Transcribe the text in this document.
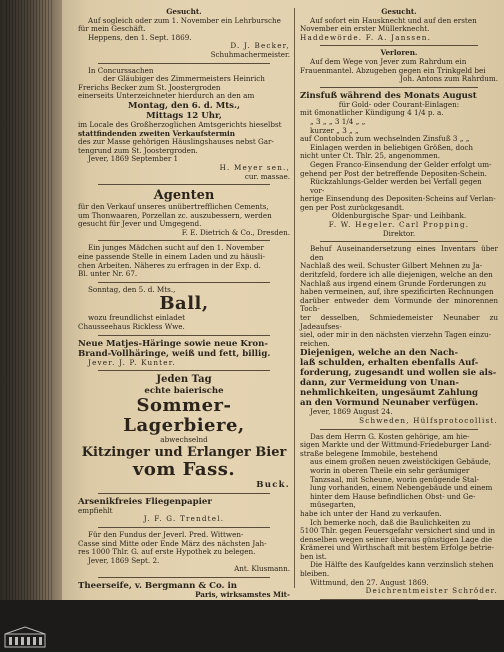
Gesucht.
Auf sogleich oder zum 1. November ein Lehrbursche
für mein Geschäft.
Heppens, den 1. Sept. 1869.
D. J. Becker,
Schuhmachermeister.
In Concurssachen
der Gläubiger des Zimmermeisters Heinrich
Frerichs Becker zum St. Joostergroden
einerseits Unterzeichneter hierdurch an den am
Montag, den 6. d. Mts.,
Mittags 12 Uhr,
im Locale des Großherzoglichen Amtsgerichts hieselbst
stattfindenden zweiten Verkaufstermin
des zur Masse gehörigen Häuslingshauses nebst Gar-
tengrund zum St. Joostergroden.
Jever, 1869 September 1
H. Meyer sen.,
cur. massae.
Agenten
für den Verkauf unseres unübertrefflichen Cements,
um Thonwaaren, Porzellan zc. auszubessern, werden
gesucht für Jever und Umgegend.
F. E. Dietrich & Co., Dresden.
Ein junges Mädchen sucht auf den 1. November
eine passende Stelle in einem Laden und zu häusli-
chen Arbeiten. Näheres zu erfragen in der Exp. d.
Bl. unter Nr. 67.
Sonntag, den 5. d. Mts.,
Ball,
wozu freundlichst einladet
Chausseehaus Rickless Wwe.
Neue Matjes-Häringe sowie neue Kron-
Brand-Vollhäringe, weiß und fett, billig.
Jever. J. P. Kunter.
Jeden Tag
echte baierische
Sommer-Lagerbiere,
abwechselnd
Kitzinger und Erlanger Bier
vom Fass.
Buck.
Arsenikfreies Fliegenpapier
empfiehlt
J. F. G. Trendtel.
Für den Fundus der Jeverl. Pred. Wittwen-
Casse sind Mitte oder Ende März des nächsten Jah-
res 1000 Thlr. G. auf erste Hypothek zu belegen.
Jever, 1869 Sept. 2.
Ant. Klusmann.
Theerseife, v. Bergmann & Co. in
Paris, wirksamstes Mit-
Gesucht.
Auf sofort ein Hausknecht und auf den ersten
November ein erster Müllerknecht.
Haddewörde. F. A. Janssen.
Verloren.
Auf dem Wege von Jever zum Rahrdum ein
Frauenmantel. Abzugeben gegen ein Trinkgeld bei
Joh. Antons zum Rahrdum.
Zinsfuß während des Monats August
für Gold- oder Courant-Einlagen:
mit 6monatlicher Kündigung 4 1/4 p. a.
„ 3 „ „ 3 1/4 „ „
kurzer „ 3 „ „
auf Contobuch zum wechselnden Zinsfuß 3 „ „
Einlagen werden in beliebigen Größen, doch
nicht unter Ct. Thlr. 25, angenommen.
Gegen Franco-Einsendung der Gelder erfolgt um-
gehend per Post der betreffende Depositen-Schein.
Rückzahlungs-Gelder werden bei Verfall gegen vor-
herige Einsendung des Depositen-Scheins auf Verlan-
gen per Post zurückgesandt.
Oldenburgische Spar- und Leihbank.
F. W. Hegeler. Carl Propping.
Direktor.
Behuf Auseinandersetzung eines Inventars über den
Nachlaß des weil. Schuster Gilbert Mehnen zu Ja-
deritzfeld, fordere ich alle diejenigen, welche an den
Nachlaß aus irgend einem Grunde Forderungen zu
haben vermeinen, auf, ihre spezificirten Rechnungen
darüber entweder dem Vormunde der minorennen Toch-
ter desselben, Schmiedemeister Neunaber zu Jadeaufses-
siel, oder mir in den nächsten vierzehn Tagen einzu-
reichen.
Diejenigen, welche an den Nach-
laß schulden, erhalten ebenfalls Auf-
forderung, zugesandt und wollen sie als-
dann, zur Vermeidung von Unan-
nehmlichkeiten, ungesäumt Zahlung
an den Vormund Neunaber verfügen.
Jever, 1869 August 24.
Schweden, Hülfsprotocollist.
Das dem Herrn G. Kosten gehörige, am hie-
sigen Markte und der Wittmund-Friedeburger Land-
straße belegene Immobile, bestehend
aus einem großen neuen zweistöckigen Gebäude,
worin in oberen Theile ein sehr geräumiger
Tanzsaal, mit Scheune, worin genügende Stal-
lung vorhanden, einem Nebengebäude und einem
hinter dem Hause befindlichen Obst- und Ge-
müsegarten,
habe ich unter der Hand zu verkaufen.
Ich bemerke noch, daß die Baulichkeiten zu
5100 Thlr. gegen Feuersgefahr versichert sind und in
denselben wegen seiner überaus günstigen Lage die
Krämerei und Wirthschaft mit bestem Erfolge betrie-
ben ist.
Die Hälfte des Kaufgeldes kann verzinslich stehen
bleiben.
Wittmund, den 27. August 1869.
Deichrentmeister Schröder.
